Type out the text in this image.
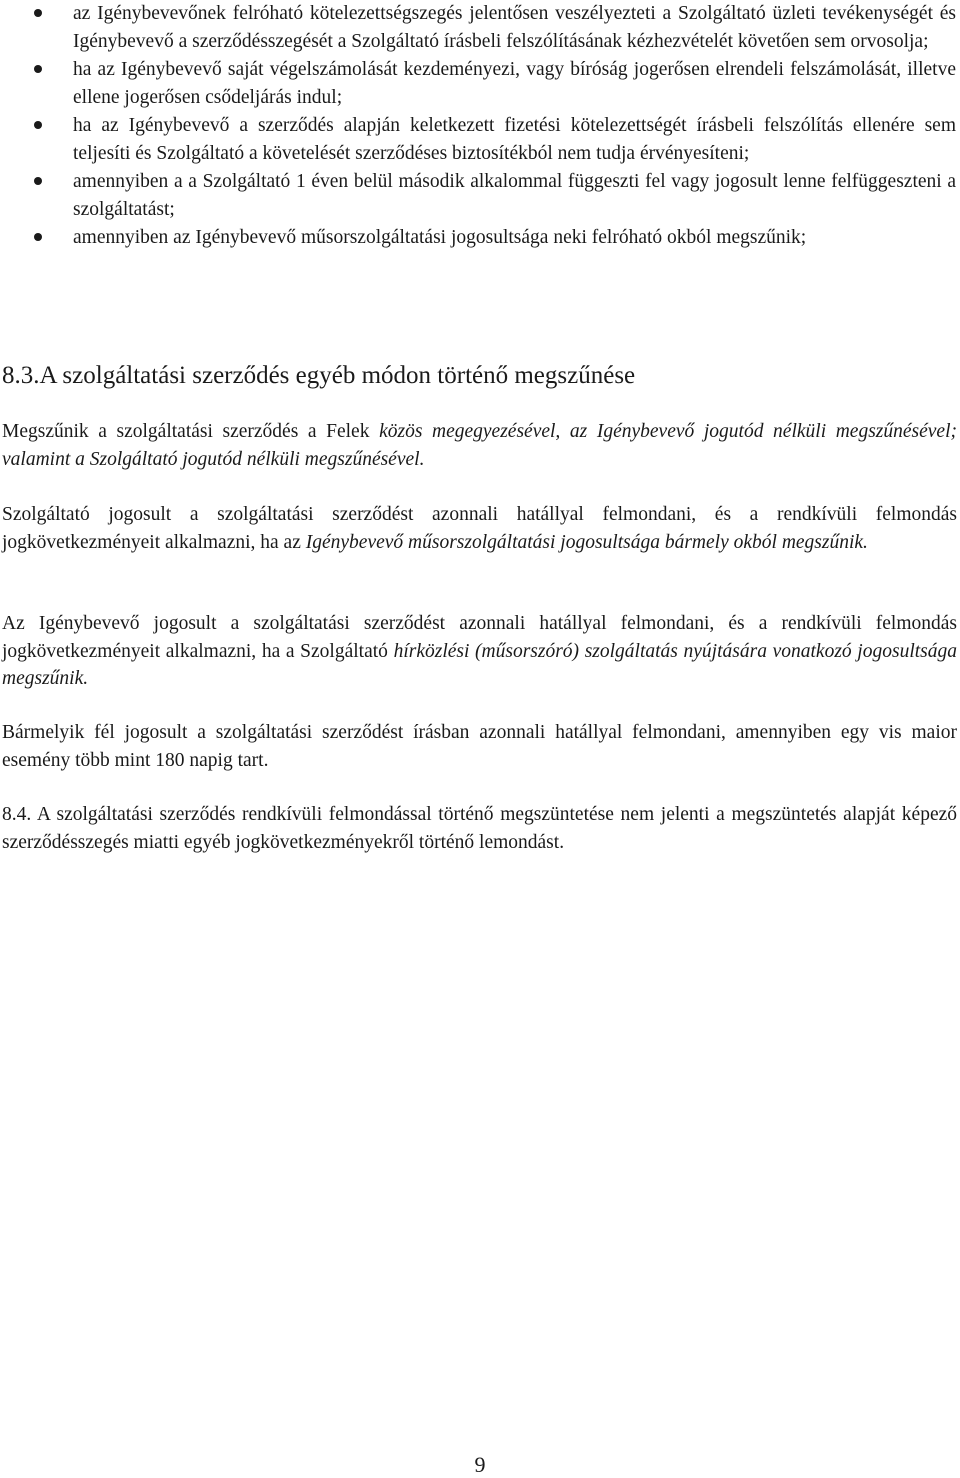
az Igénybevevőnek felróható kötelezettségszegés jelentősen veszélyezteti a Szolgáltató üzleti tevékenységét és Igénybevevő a szerződésszegését a Szolgáltató írásbeli felszólításának kézhezvételét követően sem orvosolja;
ha az Igénybevevő saját végelszámolását kezdeményezi, vagy bíróság jogerősen elrendeli felszámolását, illetve ellene jogerősen csődeljárás indul;
ha az Igénybevevő a szerződés alapján keletkezett fizetési kötelezettségét írásbeli felszólítás ellenére sem teljesíti és Szolgáltató a követelését szerződéses biztosítékból nem tudja érvényesíteni;
amennyiben a a Szolgáltató 1 éven belül második alkalommal függeszti fel vagy jogosult lenne felfüggeszteni a szolgáltatást;
amennyiben az Igénybevevő műsorszolgáltatási jogosultsága neki felróható okból megszűnik;
8.3.A szolgáltatási szerződés egyéb módon történő megszűnése

Megszűnik a szolgáltatási szerződés a Felek közös megegyezésével, az Igénybevevő jogutód nélküli megszűnésével; valamint a Szolgáltató jogutód nélküli megszűnésével.

Szolgáltató jogosult a szolgáltatási szerződést azonnali hatállyal felmondani, és a rendkívüli felmondás jogkövetkezményeit alkalmazni, ha az Igénybevevő műsorszolgáltatási jogosultsága bármely okból megszűnik.

Az Igénybevevő jogosult a szolgáltatási szerződést azonnali hatállyal felmondani, és a rendkívüli felmondás jogkövetkezményeit alkalmazni, ha a Szolgáltató hírközlési (műsorszóró) szolgáltatás nyújtására vonatkozó jogosultsága megszűnik.

Bármelyik fél jogosult a szolgáltatási szerződést írásban azonnali hatállyal felmondani, amennyiben egy vis maior esemény több mint 180 napig tart.

8.4. A szolgáltatási szerződés rendkívüli felmondással történő megszüntetése nem jelenti a megszüntetés alapját képező szerződésszegés miatti egyéb jogkövetkezményekről történő lemondást.

9
